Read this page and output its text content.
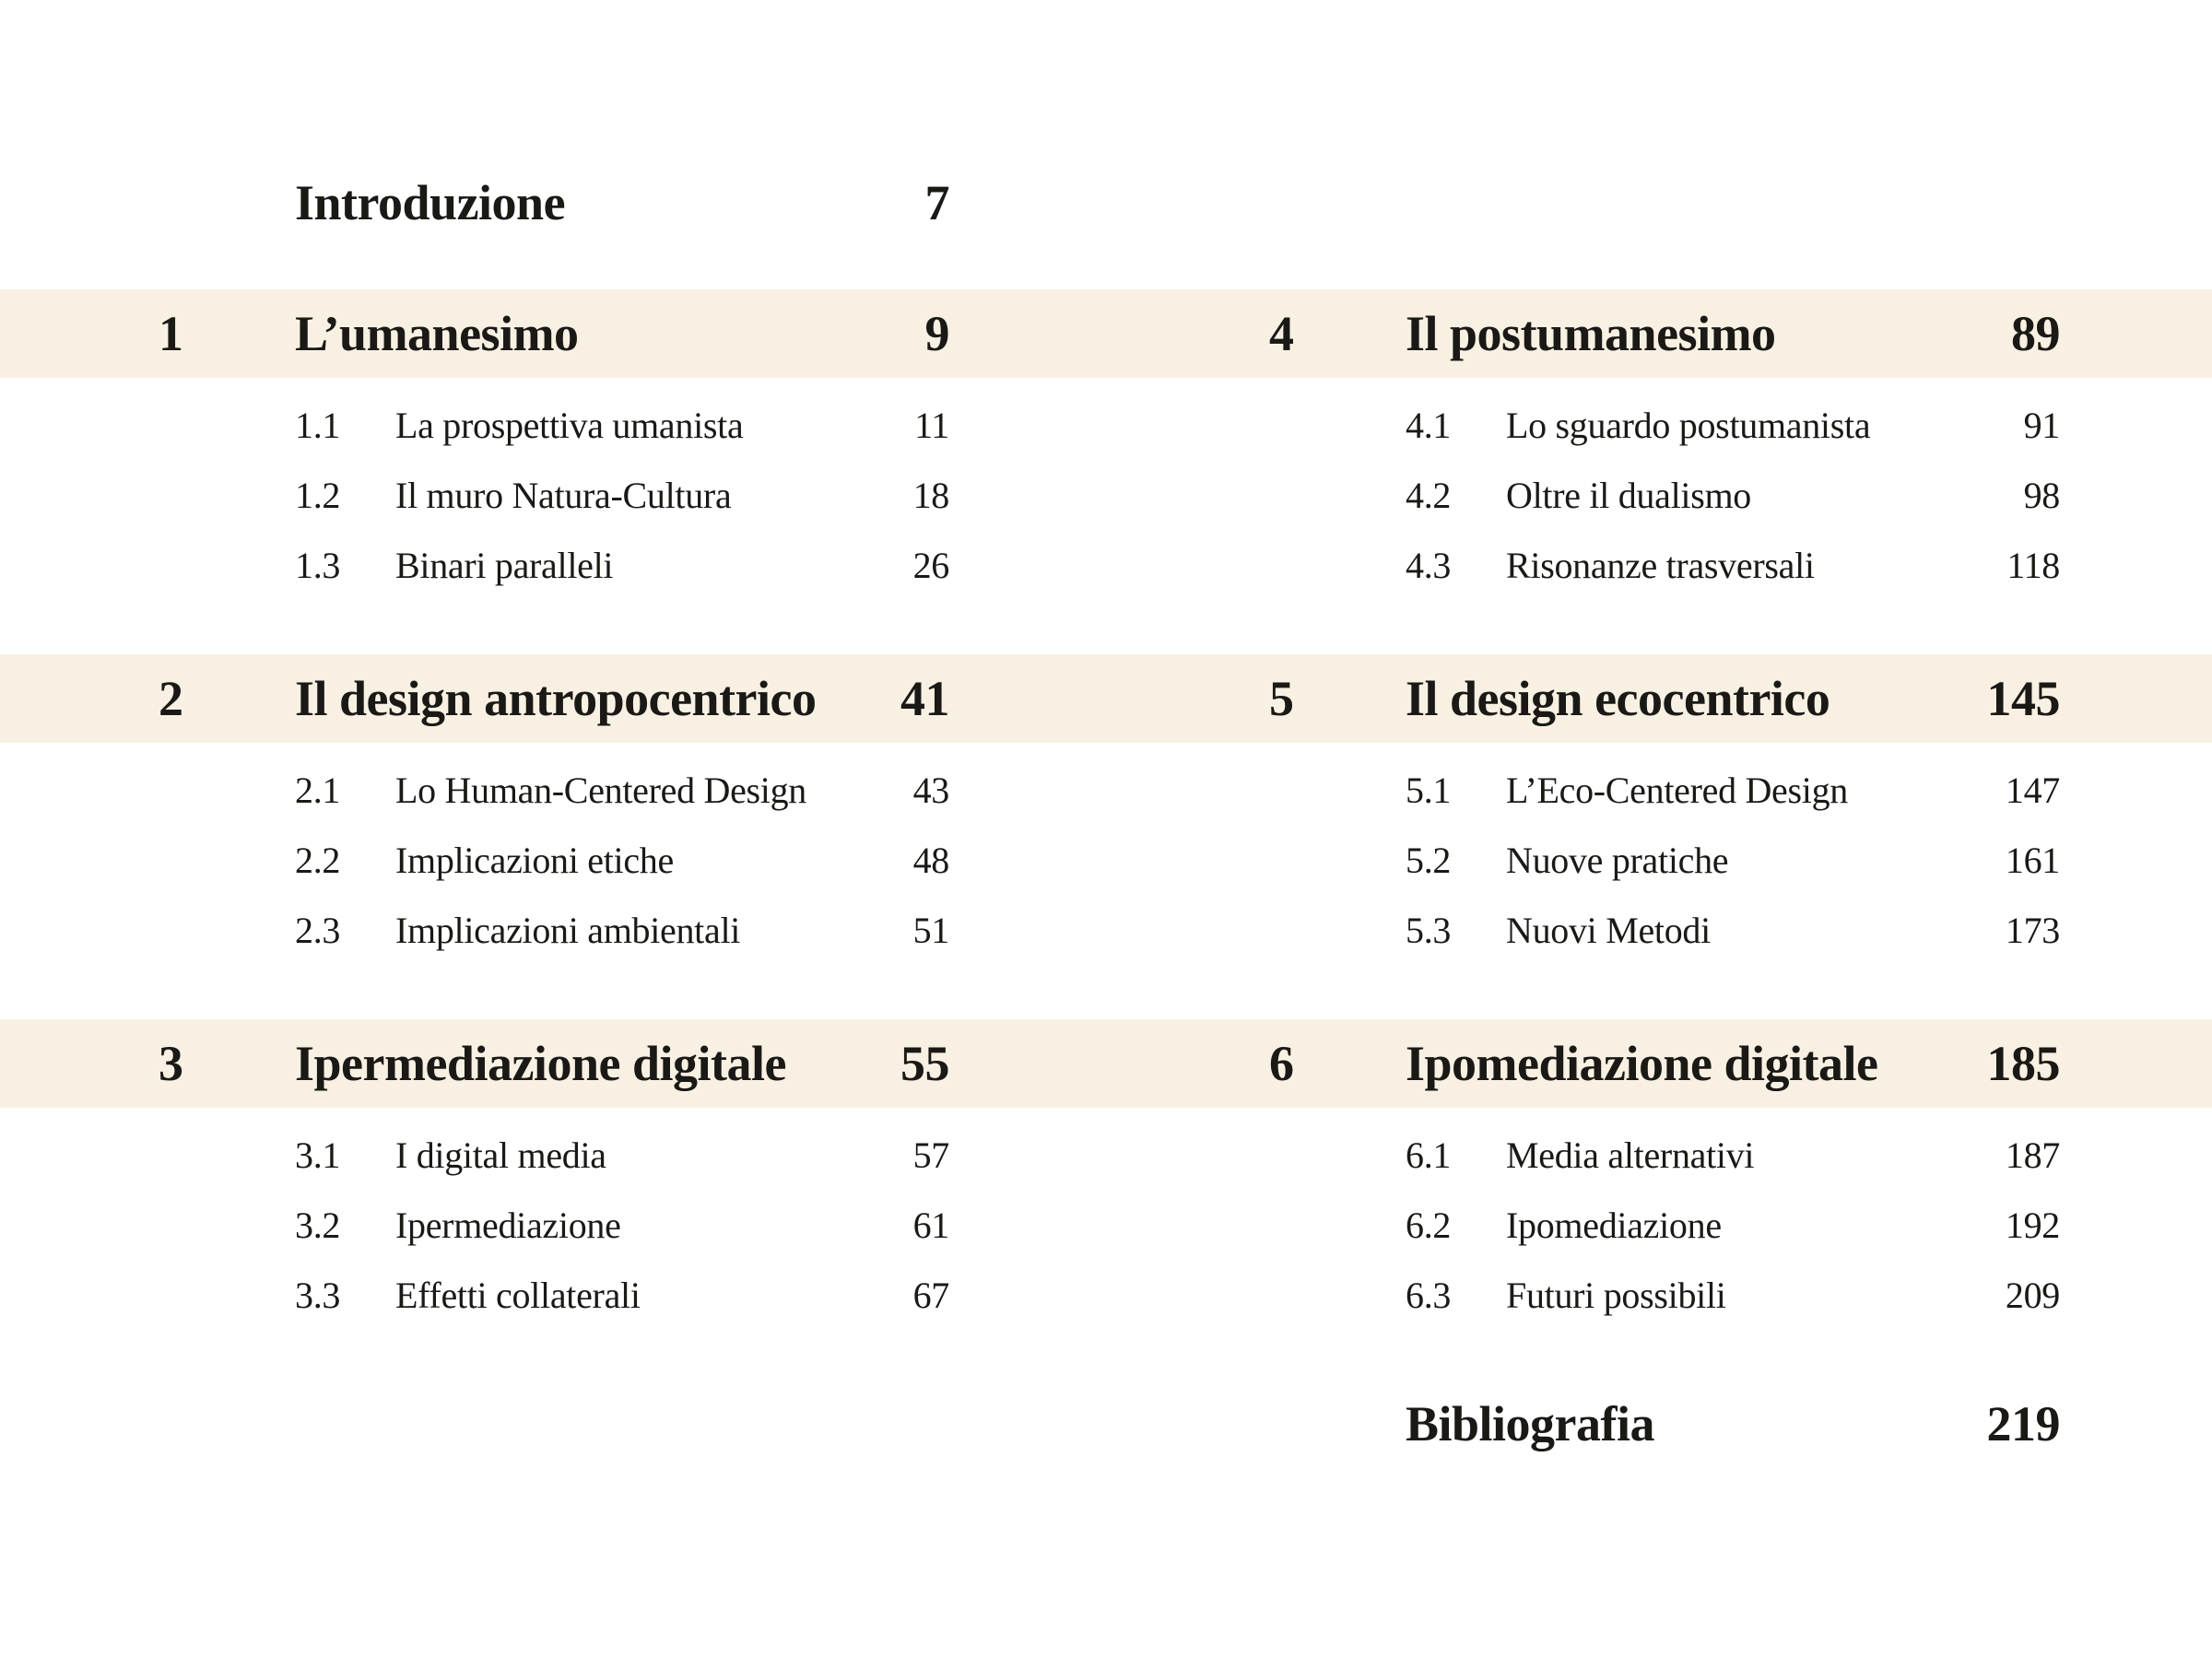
Introduzione	7
1 L’umanesimo	9
1.1 La prospettiva umanista	11
1.2 Il muro Natura-Cultura	18
1.3 Binari paralleli	26
2 Il design antropocentrico	41
2.1 Lo Human-Centered Design	43
2.2 Implicazioni etiche	48
2.3 Implicazioni ambientali	51
3 Ipermediazione digitale	55
3.1 I digital media	57
3.2 Ipermediazione	61
3.3 Effetti collaterali	67
4 Il postumanesimo	89
4.1 Lo sguardo postumanista	91
4.2 Oltre il dualismo	98
4.3 Risonanze trasversali	118
5 Il design ecocentrico	145
5.1 L’Eco-Centered Design	147
5.2 Nuove pratiche	161
5.3 Nuovi Metodi	173
6 Ipomediazione digitale	185
6.1 Media alternativi	187
6.2 Ipomediazione	192
6.3 Futuri possibili	209
Bibliografia	219
